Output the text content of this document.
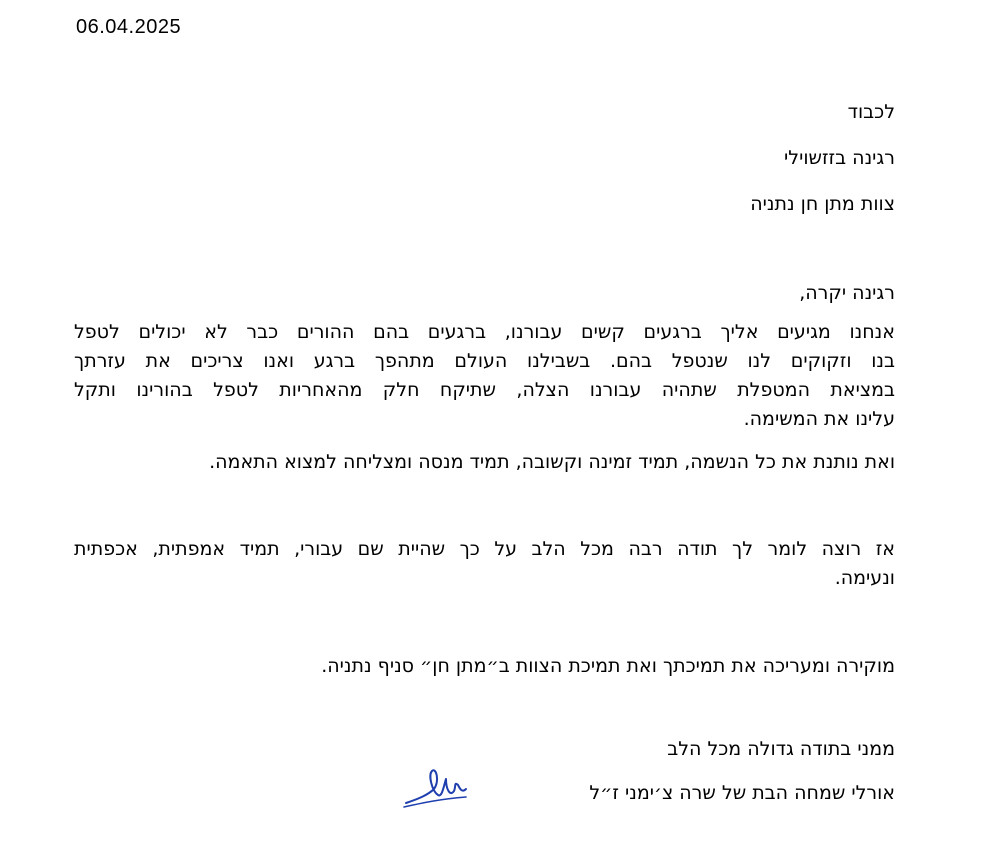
06.04.2025
לכבוד
רגינה בזזשוילי
צוות מתן חן נתניה
רגינה יקרה,
אנחנו מגיעים אליך ברגעים קשים עבורנו, ברגעים בהם ההורים כבר לא יכולים לטפל
בנו וזקוקים לנו שנטפל בהם. בשבילנו העולם מתהפך ברגע ואנו צריכים את עזרתך
במציאת המטפלת שתהיה עבורנו הצלה, שתיקח חלק מהאחריות לטפל בהורינו ותקל
עלינו את המשימה.
ואת נותנת את כל הנשמה, תמיד זמינה וקשובה, תמיד מנסה ומצליחה למצוא התאמה.
אז רוצה לומר לך תודה רבה מכל הלב על כך שהיית שם עבורי, תמיד אמפתית, אכפתית
ונעימה.
מוקירה ומעריכה את תמיכתך ואת תמיכת הצוות ב״מתן חן״ סניף נתניה.
ממני בתודה גדולה מכל הלב
אורלי שמחה הבת של שרה צ׳ימני ז״ל
